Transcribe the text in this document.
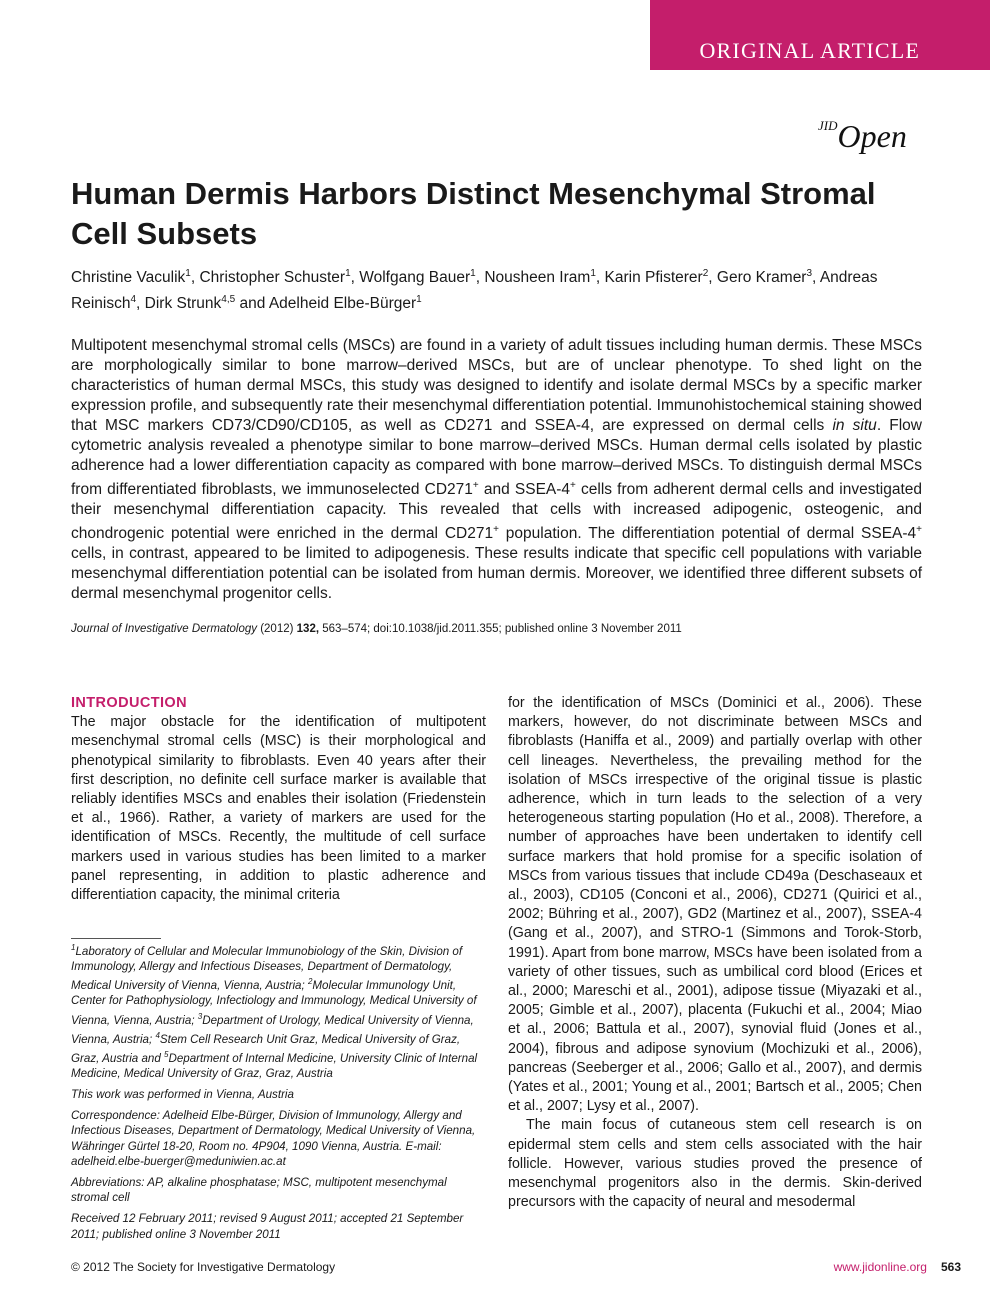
ORIGINAL ARTICLE
$^{JID}$Open
Human Dermis Harbors Distinct Mesenchymal Stromal Cell Subsets

Christine Vaculik$^1$, Christopher Schuster$^1$, Wolfgang Bauer$^1$, Nousheen Iram$^1$, Karin Pfisterer$^2$, Gero Kramer$^3$, Andreas Reinisch$^4$, Dirk Strunk$^{4,5}$ and Adelheid Elbe-Bürger$^1$

Multipotent mesenchymal stromal cells (MSCs) are found in a variety of adult tissues including human dermis. These MSCs are morphologically similar to bone marrow–derived MSCs, but are of unclear phenotype. To shed light on the characteristics of human dermal MSCs, this study was designed to identify and isolate dermal MSCs by a specific marker expression profile, and subsequently rate their mesenchymal differentiation potential. Immunohistochemical staining showed that MSC markers CD73/CD90/CD105, as well as CD271 and SSEA-4, are expressed on dermal cells in situ. Flow cytometric analysis revealed a phenotype similar to bone marrow–derived MSCs. Human dermal cells isolated by plastic adherence had a lower differentiation capacity as compared with bone marrow–derived MSCs. To distinguish dermal MSCs from differentiated fibroblasts, we immunoselected CD271+ and SSEA-4+ cells from adherent dermal cells and investigated their mesenchymal differentiation capacity. This revealed that cells with increased adipogenic, osteogenic, and chondrogenic potential were enriched in the dermal CD271+ population. The differentiation potential of dermal SSEA-4+ cells, in contrast, appeared to be limited to adipogenesis. These results indicate that specific cell populations with variable mesenchymal differentiation potential can be isolated from human dermis. Moreover, we identified three different subsets of dermal mesenchymal progenitor cells.

Journal of Investigative Dermatology (2012) 132, 563–574; doi:10.1038/jid.2011.355; published online 3 November 2011

INTRODUCTION

The major obstacle for the identification of multipotent mesenchymal stromal cells (MSC) is their morphological and phenotypical similarity to fibroblasts. Even 40 years after their first description, no definite cell surface marker is available that reliably identifies MSCs and enables their isolation (Friedenstein et al., 1966). Rather, a variety of markers are used for the identification of MSCs. Recently, the multitude of cell surface markers used in various studies has been limited to a marker panel representing, in addition to plastic adherence and differentiation capacity, the minimal criteria

$^1$Laboratory of Cellular and Molecular Immunobiology of the Skin, Division of Immunology, Allergy and Infectious Diseases, Department of Dermatology, Medical University of Vienna, Vienna, Austria; $^2$Molecular Immunology Unit, Center for Pathophysiology, Infectiology and Immunology, Medical University of Vienna, Vienna, Austria; $^3$Department of Urology, Medical University of Vienna, Vienna, Austria; $^4$Stem Cell Research Unit Graz, Medical University of Graz, Graz, Austria and $^5$Department of Internal Medicine, University Clinic of Internal Medicine, Medical University of Graz, Graz, Austria

This work was performed in Vienna, Austria

Correspondence: Adelheid Elbe-Bürger, Division of Immunology, Allergy and Infectious Diseases, Department of Dermatology, Medical University of Vienna, Währinger Gürtel 18-20, Room no. 4P904, 1090 Vienna, Austria. E-mail: adelheid.elbe-buerger@meduniwien.ac.at

Abbreviations: AP, alkaline phosphatase; MSC, multipotent mesenchymal stromal cell

Received 12 February 2011; revised 9 August 2011; accepted 21 September 2011; published online 3 November 2011

for the identification of MSCs (Dominici et al., 2006). These markers, however, do not discriminate between MSCs and fibroblasts (Haniffa et al., 2009) and partially overlap with other cell lineages. Nevertheless, the prevailing method for the isolation of MSCs irrespective of the original tissue is plastic adherence, which in turn leads to the selection of a very heterogeneous starting population (Ho et al., 2008). Therefore, a number of approaches have been undertaken to identify cell surface markers that hold promise for a specific isolation of MSCs from various tissues that include CD49a (Deschaseaux et al., 2003), CD105 (Conconi et al., 2006), CD271 (Quirici et al., 2002; Bühring et al., 2007), GD2 (Martinez et al., 2007), SSEA-4 (Gang et al., 2007), and STRO-1 (Simmons and Torok-Storb, 1991). Apart from bone marrow, MSCs have been isolated from a variety of other tissues, such as umbilical cord blood (Erices et al., 2000; Mareschi et al., 2001), adipose tissue (Miyazaki et al., 2005; Gimble et al., 2007), placenta (Fukuchi et al., 2004; Miao et al., 2006; Battula et al., 2007), synovial fluid (Jones et al., 2004), fibrous and adipose synovium (Mochizuki et al., 2006), pancreas (Seeberger et al., 2006; Gallo et al., 2007), and dermis (Yates et al., 2001; Young et al., 2001; Bartsch et al., 2005; Chen et al., 2007; Lysy et al., 2007).

The main focus of cutaneous stem cell research is on epidermal stem cells and stem cells associated with the hair follicle. However, various studies proved the presence of mesenchymal progenitors also in the dermis. Skin-derived precursors with the capacity of neural and mesodermal

© 2012 The Society for Investigative Dermatology	www.jidonline.org 563
